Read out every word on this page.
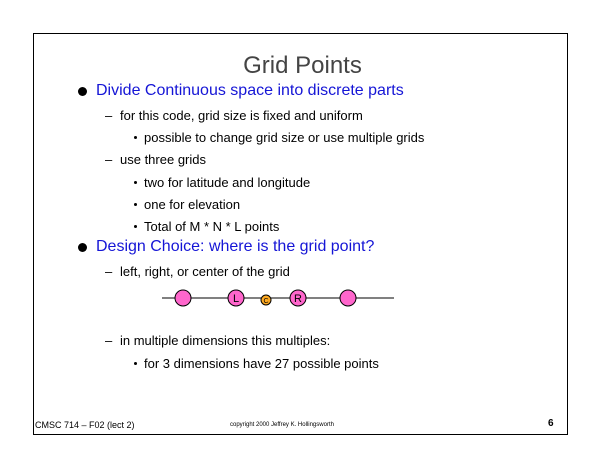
Grid Points
Divide Continuous space into discrete parts
– for this code, grid size is fixed and uniform
possible to change grid size or use multiple grids
– use three grids
two for latitude and longitude
one for elevation
Total of M * N * L points
Design Choice: where is the grid point?
– left, right, or center of the grid
L	C R
– in multiple dimensions this multiples:
for 3 dimensions have 27 possible points
CMSC 714 – F02 (lect 2)	copyright 2000 Jeffrey K. Hollingsworth	6
